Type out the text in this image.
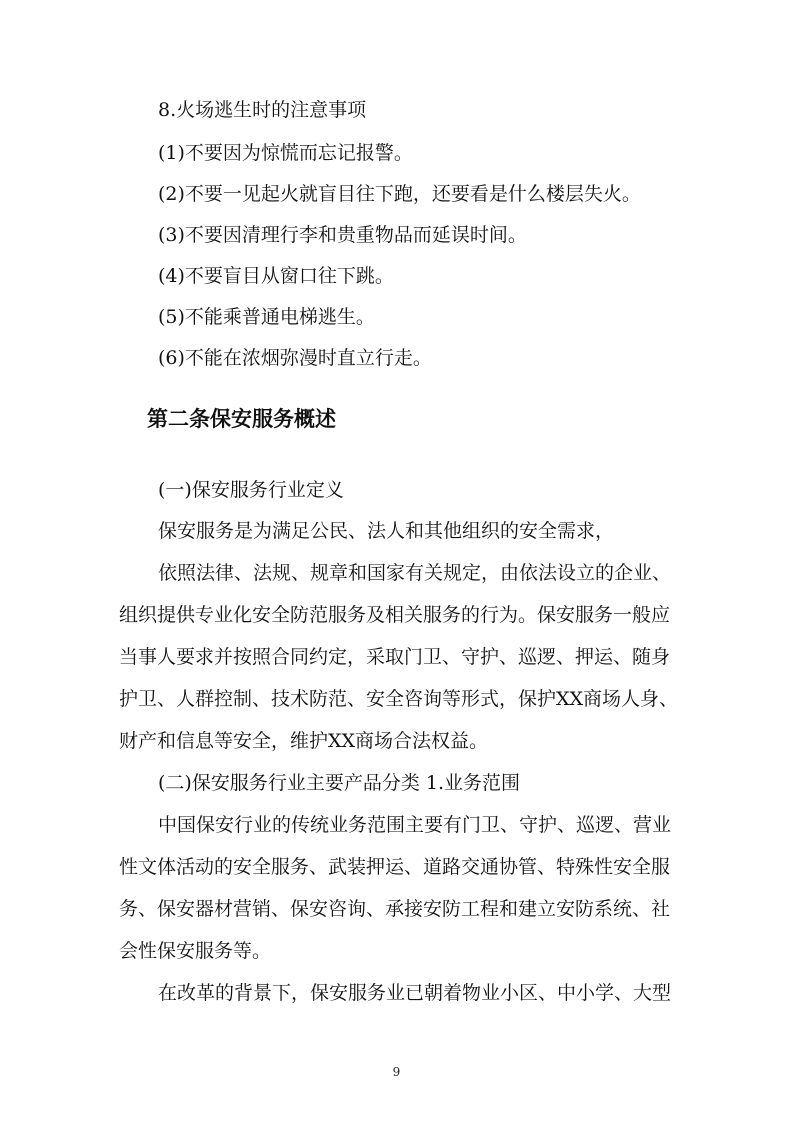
8.火场逃生时的注意事项

(1)不要因为惊慌而忘记报警。

(2)不要一见起火就盲目往下跑，还要看是什么楼层失火。

(3)不要因清理行李和贵重物品而延误时间。

(4)不要盲目从窗口往下跳。

(5)不能乘普通电梯逃生。

(6)不能在浓烟弥漫时直立行走。

第二条保安服务概述

(一)保安服务行业定义

保安服务是为满足公民、法人和其他组织的安全需求，

依照法律、法规、规章和国家有关规定，由依法设立的企业、

组织提供专业化安全防范服务及相关服务的行为。保安服务一般应

当事人要求并按照合同约定，采取门卫、守护、巡逻、押运、随身

护卫、人群控制、技术防范、安全咨询等形式，保护XX商场人身、

财产和信息等安全，维护XX商场合法权益。

(二)保安服务行业主要产品分类 1.业务范围

中国保安行业的传统业务范围主要有门卫、守护、巡逻、营业

性文体活动的安全服务、武装押运、道路交通协管、特殊性安全服

务、保安器材营销、保安咨询、承接安防工程和建立安防系统、社

会性保安服务等。

在改革的背景下，保安服务业已朝着物业小区、中小学、大型

9
